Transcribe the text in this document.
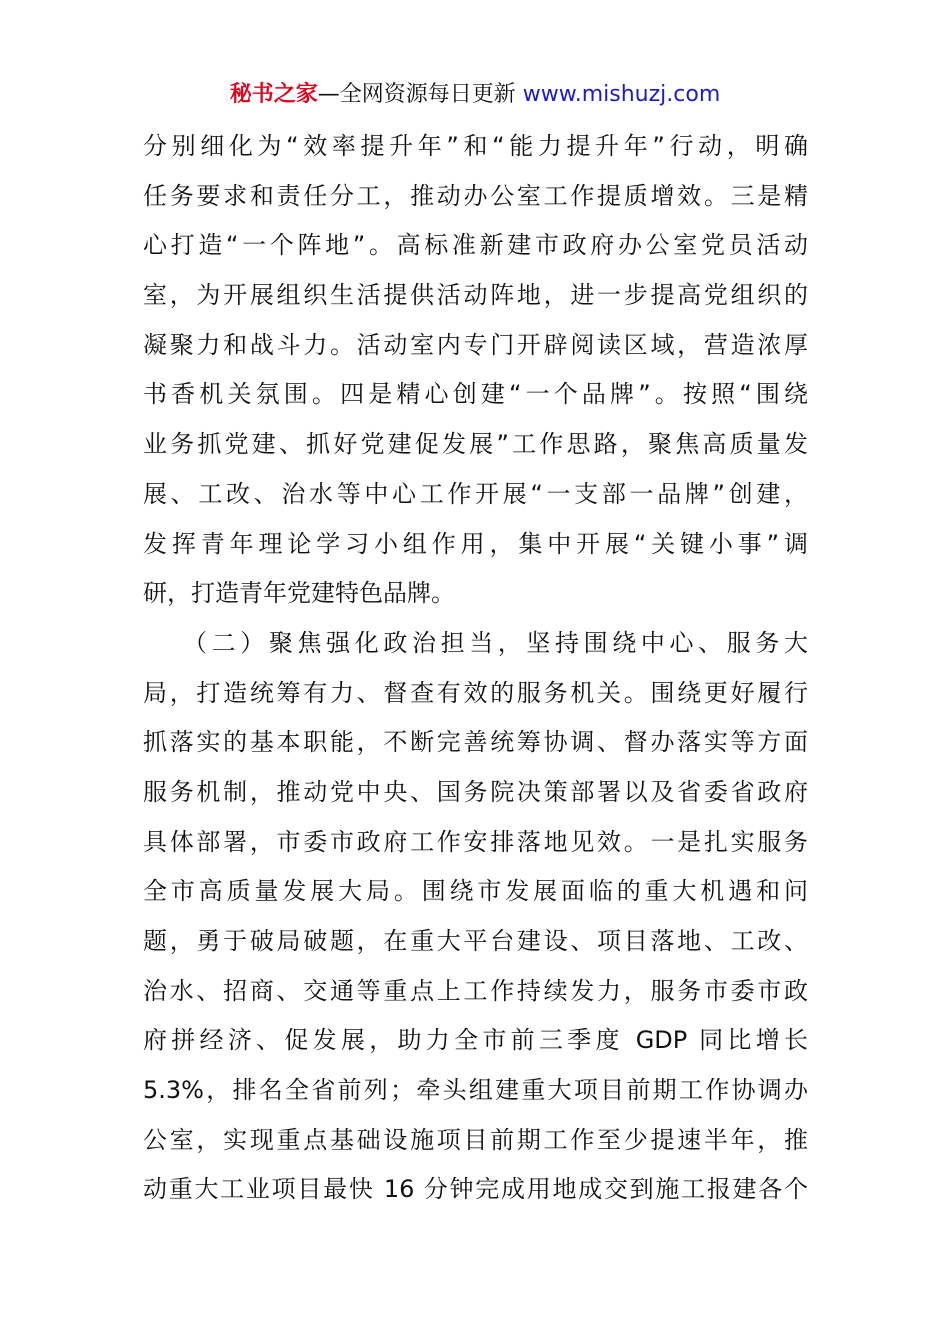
秘书之家—全网资源每日更新 www.mishuzj.com
分别细化为“效率提升年”和“能力提升年”行动，明确
任务要求和责任分工，推动办公室工作提质增效。三是精
心打造“一个阵地”。高标准新建市政府办公室党员活动
室，为开展组织生活提供活动阵地，进一步提高党组织的
凝聚力和战斗力。活动室内专门开辟阅读区域，营造浓厚
书香机关氛围。四是精心创建“一个品牌”。按照“围绕
业务抓党建、抓好党建促发展”工作思路，聚焦高质量发
展、工改、治水等中心工作开展“一支部一品牌”创建，
发挥青年理论学习小组作用，集中开展“关键小事”调
研，打造青年党建特色品牌。
（二）聚焦强化政治担当，坚持围绕中心、服务大
局，打造统筹有力、督查有效的服务机关。围绕更好履行
抓落实的基本职能，不断完善统筹协调、督办落实等方面
服务机制，推动党中央、国务院决策部署以及省委省政府
具体部署，市委市政府工作安排落地见效。一是扎实服务
全市高质量发展大局。围绕市发展面临的重大机遇和问
题，勇于破局破题，在重大平台建设、项目落地、工改、
治水、招商、交通等重点上工作持续发力，服务市委市政
府拼经济、促发展，助力全市前三季度 GDP 同比增长
5.3%，排名全省前列；牵头组建重大项目前期工作协调办
公室，实现重点基础设施项目前期工作至少提速半年，推
动重大工业项目最快 16 分钟完成用地成交到施工报建各个
